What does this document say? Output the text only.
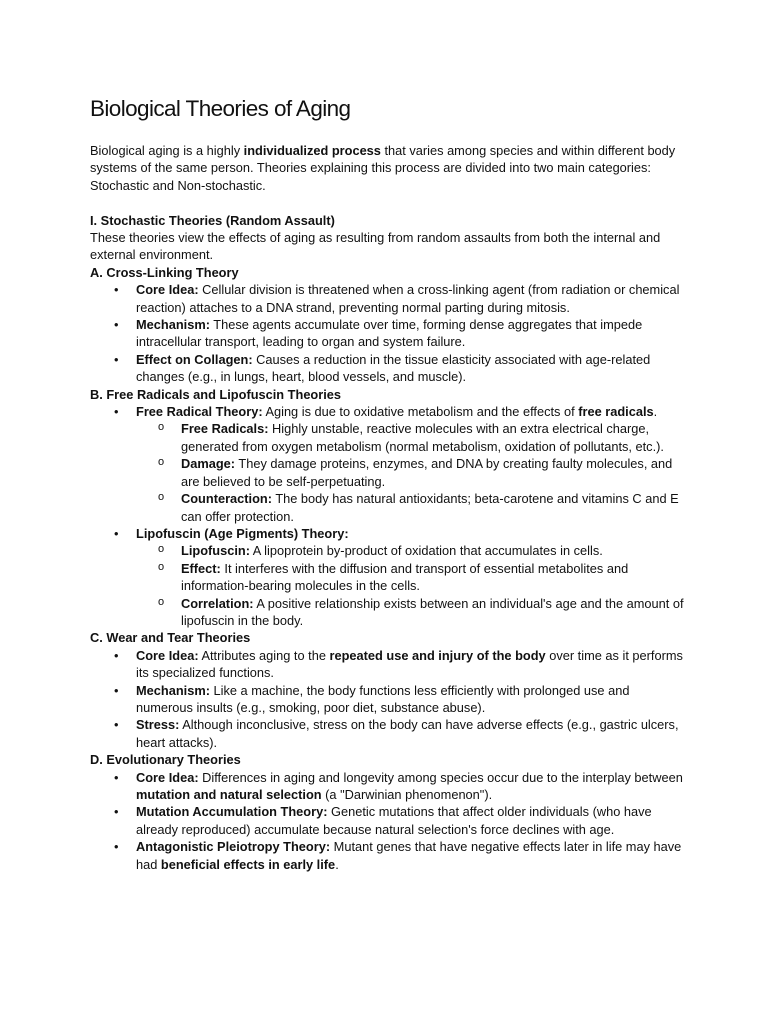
Biological Theories of Aging

Biological aging is a highly individualized process that varies among species and within different body systems of the same person. Theories explaining this process are divided into two main categories: Stochastic and Non-stochastic.

I. Stochastic Theories (Random Assault)

These theories view the effects of aging as resulting from random assaults from both the internal and external environment.

A. Cross-Linking Theory

• Core Idea: Cellular division is threatened when a cross-linking agent (from radiation or chemical reaction) attaches to a DNA strand, preventing normal parting during mitosis.
• Mechanism: These agents accumulate over time, forming dense aggregates that impede intracellular transport, leading to organ and system failure.
• Effect on Collagen: Causes a reduction in the tissue elasticity associated with age-related changes (e.g., in lungs, heart, blood vessels, and muscle).

B. Free Radicals and Lipofuscin Theories

• Free Radical Theory: Aging is due to oxidative metabolism and the effects of free radicals.
o Free Radicals: Highly unstable, reactive molecules with an extra electrical charge, generated from oxygen metabolism (normal metabolism, oxidation of pollutants, etc.).
o Damage: They damage proteins, enzymes, and DNA by creating faulty molecules, and are believed to be self-perpetuating.
o Counteraction: The body has natural antioxidants; beta-carotene and vitamins C and E can offer protection.
• Lipofuscin (Age Pigments) Theory:
o Lipofuscin: A lipoprotein by-product of oxidation that accumulates in cells.
o Effect: It interferes with the diffusion and transport of essential metabolites and information-bearing molecules in the cells.
o Correlation: A positive relationship exists between an individual's age and the amount of lipofuscin in the body.

C. Wear and Tear Theories

• Core Idea: Attributes aging to the repeated use and injury of the body over time as it performs its specialized functions.
• Mechanism: Like a machine, the body functions less efficiently with prolonged use and numerous insults (e.g., smoking, poor diet, substance abuse).
• Stress: Although inconclusive, stress on the body can have adverse effects (e.g., gastric ulcers, heart attacks).

D. Evolutionary Theories

• Core Idea: Differences in aging and longevity among species occur due to the interplay between mutation and natural selection (a "Darwinian phenomenon").
• Mutation Accumulation Theory: Genetic mutations that affect older individuals (who have already reproduced) accumulate because natural selection's force declines with age.
• Antagonistic Pleiotropy Theory: Mutant genes that have negative effects later in life may have had beneficial effects in early life.
